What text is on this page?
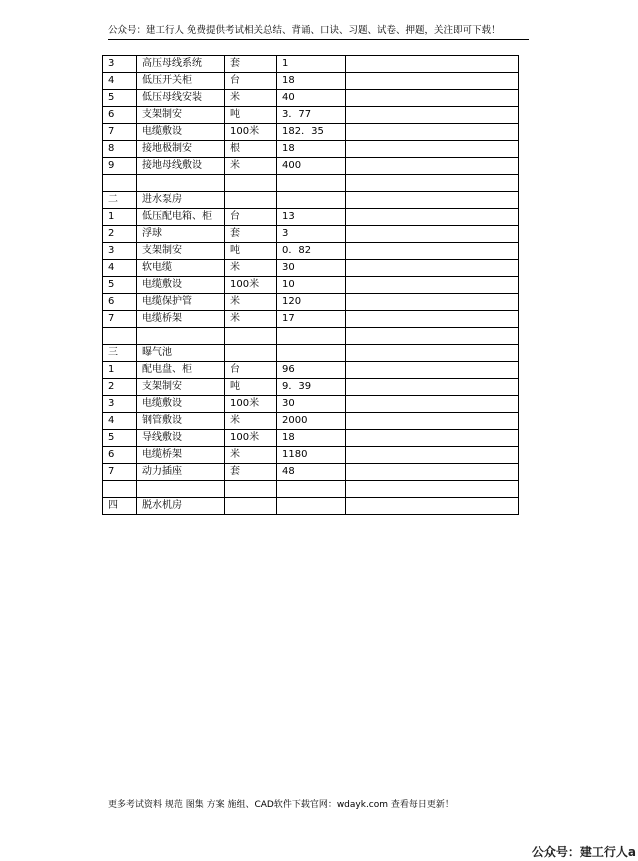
公众号：建工行人 免费提供考试相关总结、背诵、口诀、习题、试卷、押题，关注即可下载！
3	高压母线系统	套	1	
4	低压开关柜	台	18	
5	低压母线安装	米	40	
6	支架制安	吨	3．77	
7	电缆敷设	100米	182．35	
8	接地极制安	根	18	
9	接地母线敷设	米	400	

二	进水泵房			
1	低压配电箱、柜	台	13	
2	浮球	套	3	
3	支架制安	吨	0．82	
4	软电缆	米	30	
5	电缆敷设	100米	10	
6	电缆保护管	米	120	
7	电缆桥架	米	17	

三	曝气池			
1	配电盘、柜	台	96	
2	支架制安	吨	9．39	
3	电缆敷设	100米	30	
4	钢管敷设	米	2000	
5	导线敷设	100米	18	
6	电缆桥架	米	1180	
7	动力插座	套	48	

四	脱水机房			
更多考试资料 规范 图集 方案 施组、CAD软件下载官网：wdayk.com 查看每日更新！
公众号：建工行人a
